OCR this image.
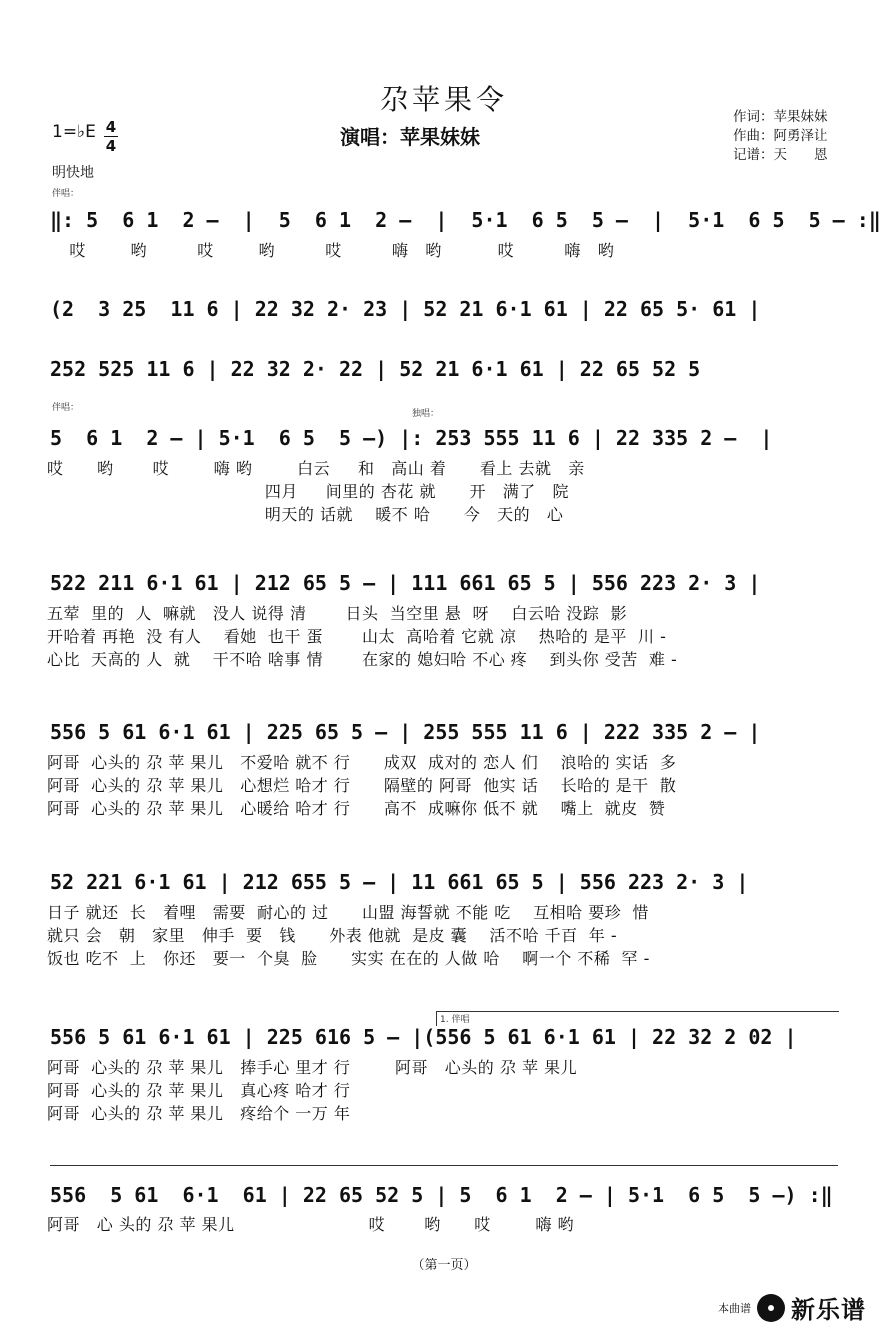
尕苹果令
演唱：苹果妹妹
作词：苹果妹妹
作曲：阿勇泽让
记谱：天　　恩
1=♭E 4
4
明快地
伴唱：
伴唱：
独唱：
1. 伴唱
‖: 5  6 1  2 –  |  5  6 1  2 –  |  5·1  6 5  5 –  |  5·1  6 5  5 – :‖
哎        哟         哎        哟         哎         嗨   哟          哎         嗨   哟
(2  3 25  11 6 | 22 32 2· 23 | 52 21 6·1 61 | 22 65 5· 61 |
252 525 11 6 | 22 32 2· 22 | 52 21 6·1 61 | 22 65 52 5
5  6 1  2 – | 5·1  6 5  5 –) |: 253 555 11 6 | 22 335 2 –  |
哎      哟       哎        嗨 哟        白云     和   高山 着      看上 去就   亲
四月     间里的 杏花 就      开   满了   院
明天的 话就    暖不 哈      今   天的   心
522 211 6·1 61 | 212 65 5 – | 111 661 65 5 | 556 223 2· 3 |
五荤  里的  人  嘛就   没人 说得 清       日头  当空里 悬  呀    白云哈 没踪  影
开哈着 再艳  没 有人    看她  也干 蛋       山太  高哈着 它就 凉    热哈的 是平  川 -
心比  天高的 人  就    干不哈 啥事 情       在家的 媳妇哈 不心 疼    到头你 受苦  难 -
556 5 61 6·1 61 | 225 65 5 – | 255 555 11 6 | 222 335 2 – |
阿哥  心头的 尕 苹 果儿   不爱哈 就不 行      成双  成对的 恋人 们    浪哈的 实话  多
阿哥  心头的 尕 苹 果儿   心想烂 哈才 行      隔壁的 阿哥  他实 话    长哈的 是干  散
阿哥  心头的 尕 苹 果儿   心暖给 哈才 行      高不  成嘛你 低不 就    嘴上  就皮  赞
52 221 6·1 61 | 212 655 5 – | 11 661 65 5 | 556 223 2· 3 |
日子 就还  长   着哩   需要  耐心的 过      山盟 海誓就 不能 吃    互相哈 要珍  惜
就只 会   朝   家里   伸手  要   钱      外表 他就  是皮 囊    活不哈 千百  年 -
饭也 吃不  上   你还   要一  个臭  脸      实实 在在的 人做 哈    啊一个 不稀  罕 -
556 5 61 6·1 61 | 225 616 5 – |(556 5 61 6·1 61 | 22 32 2 02 |
阿哥  心头的 尕 苹 果儿   捧手心 里才 行        阿哥   心头的 尕 苹 果儿
阿哥  心头的 尕 苹 果儿   真心疼 哈才 行
阿哥  心头的 尕 苹 果儿   疼给个 一万 年
556  5 61  6·1  61 | 22 65 52 5 | 5  6 1  2 – | 5·1  6 5  5 –) :‖
阿哥   心 头的 尕 苹 果儿                        哎       哟      哎        嗨 哟
（第一页）
本曲谱 新乐谱
